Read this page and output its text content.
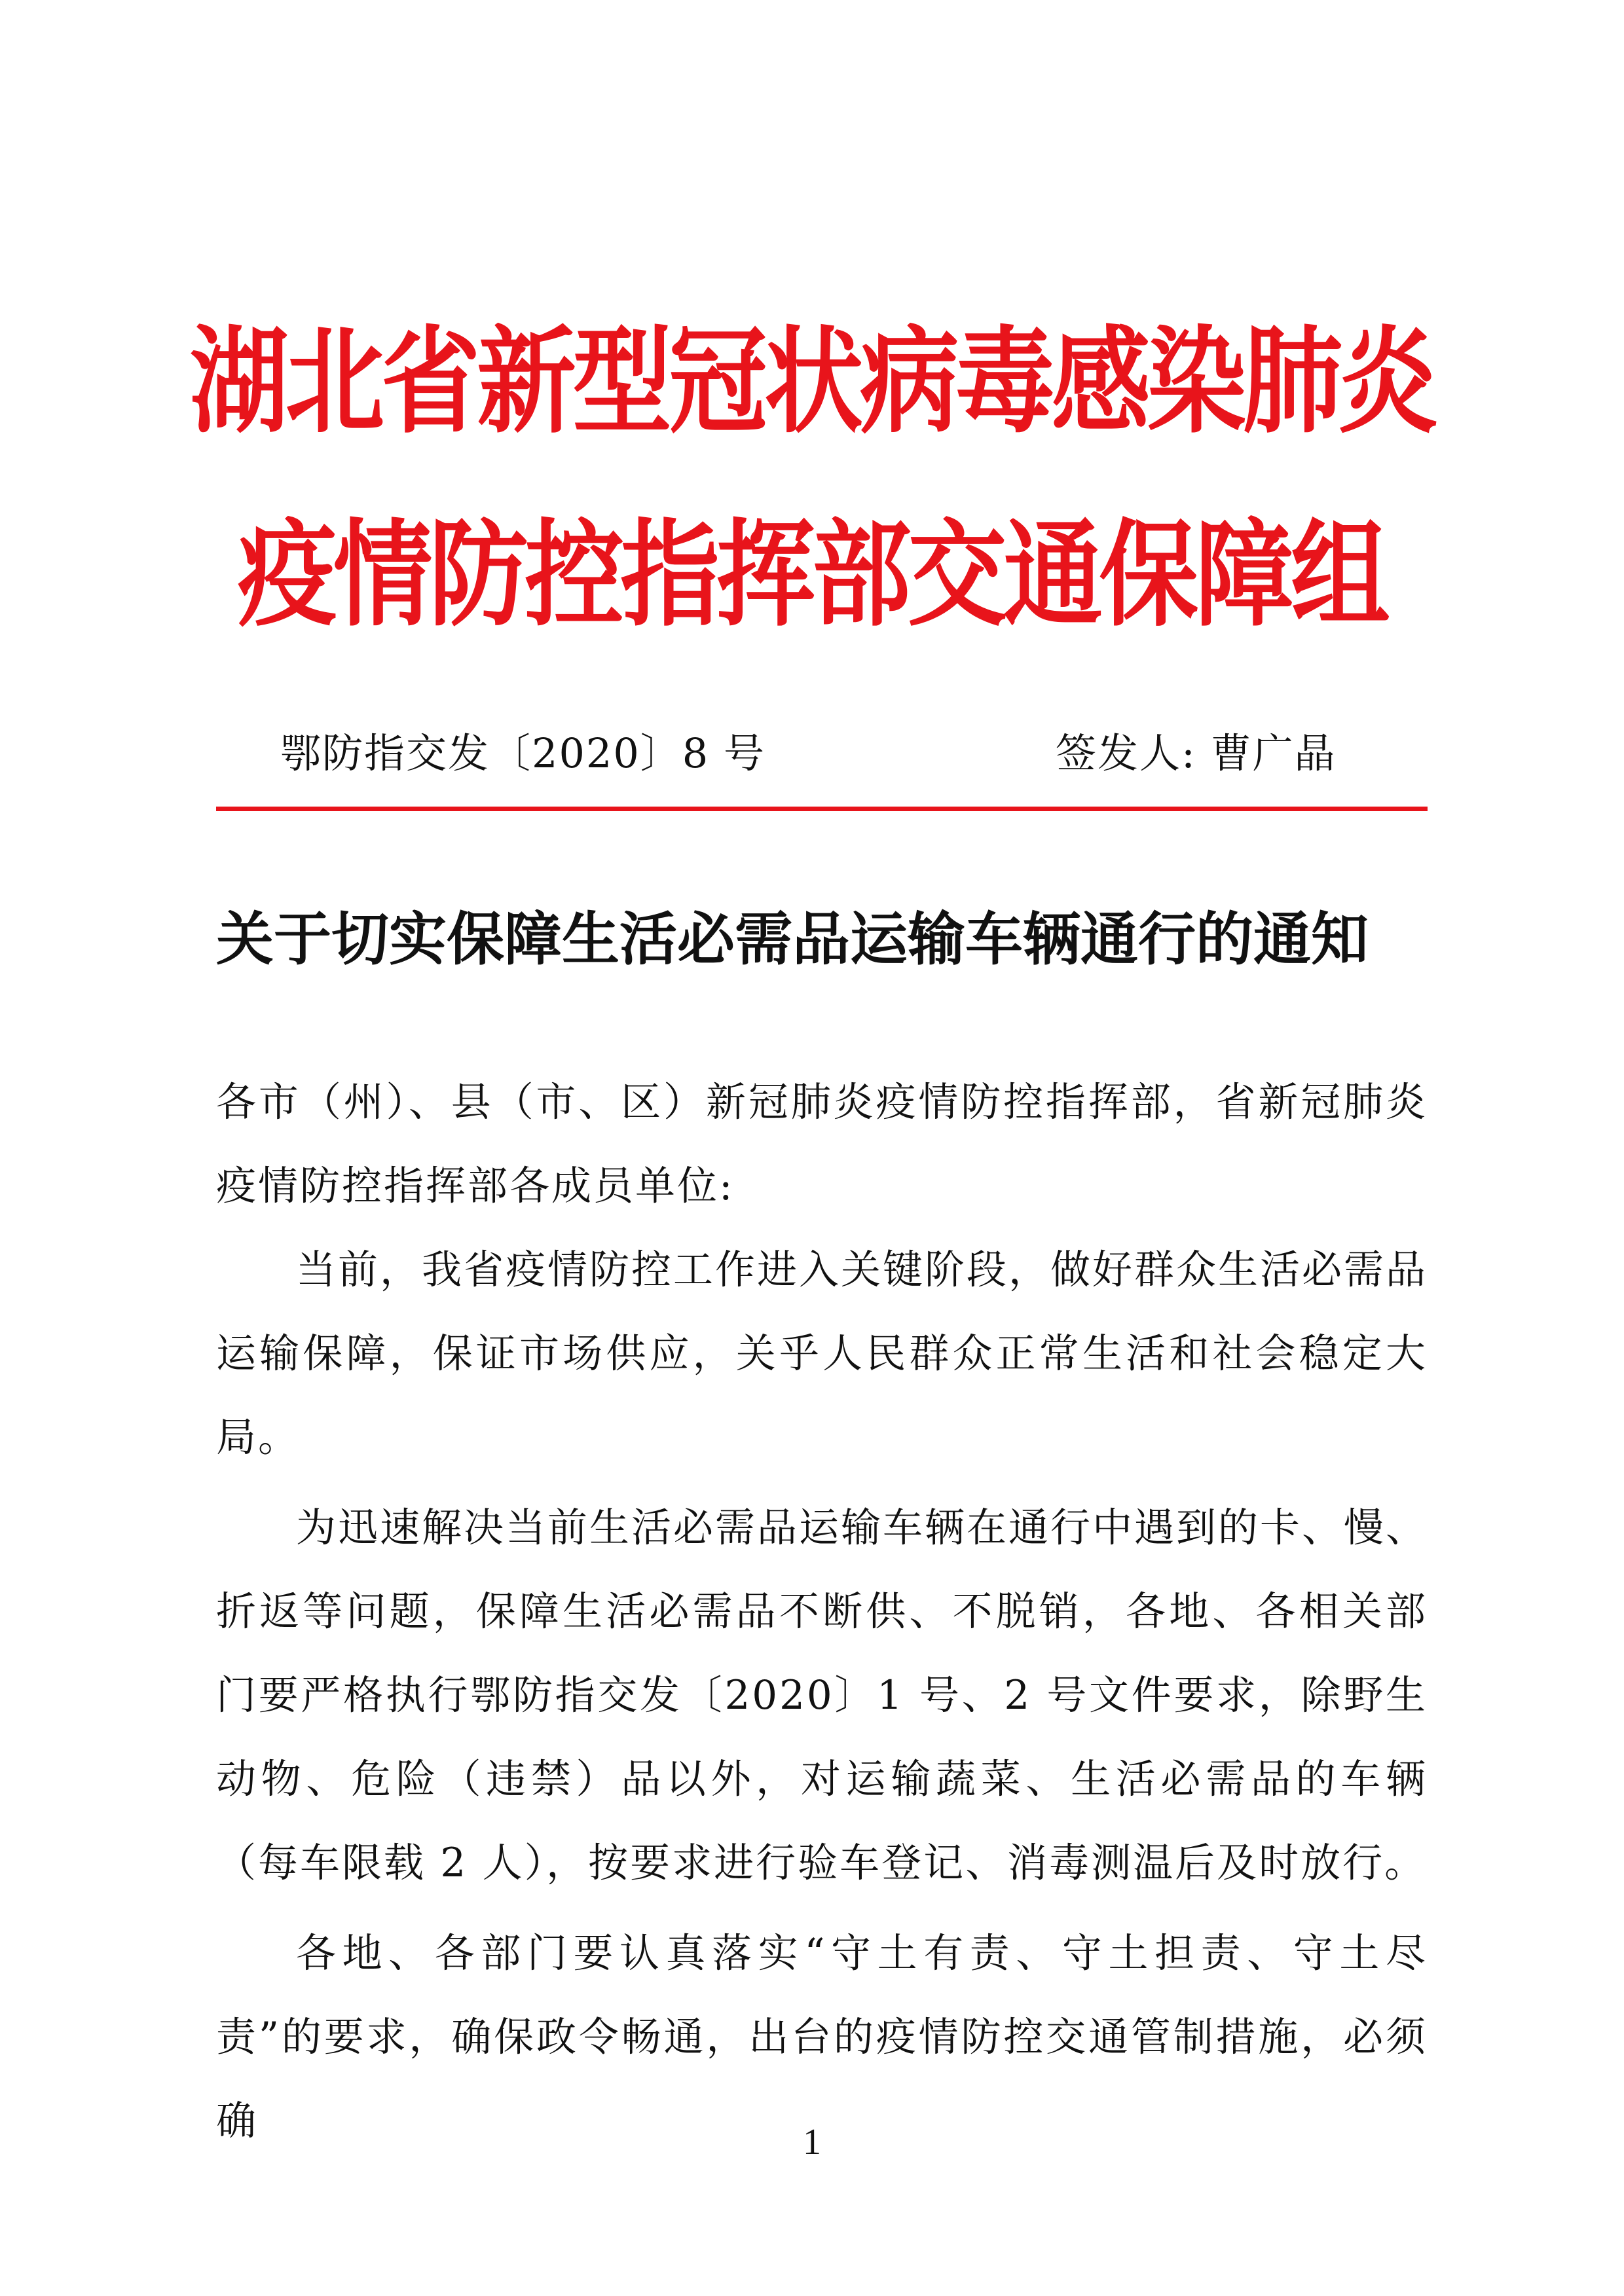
湖北省新型冠状病毒感染肺炎
疫情防控指挥部交通保障组
鄂防指交发〔2020〕8 号	签发人: 曹广晶
关于切实保障生活必需品运输车辆通行的通知

各市（州）、县（市、区）新冠肺炎疫情防控指挥部，省新冠肺炎疫情防控指挥部各成员单位:

当前，我省疫情防控工作进入关键阶段，做好群众生活必需品运输保障，保证市场供应，关乎人民群众正常生活和社会稳定大局。

为迅速解决当前生活必需品运输车辆在通行中遇到的卡、慢、折返等问题，保障生活必需品不断供、不脱销，各地、各相关部门要严格执行鄂防指交发〔2020〕1 号、2 号文件要求，除野生动物、危险（违禁）品以外，对运输蔬菜、生活必需品的车辆（每车限载 2 人），按要求进行验车登记、消毒测温后及时放行。

各地、各部门要认真落实“守土有责、守土担责、守土尽责”的要求，确保政令畅通，出台的疫情防控交通管制措施，必须确	1
